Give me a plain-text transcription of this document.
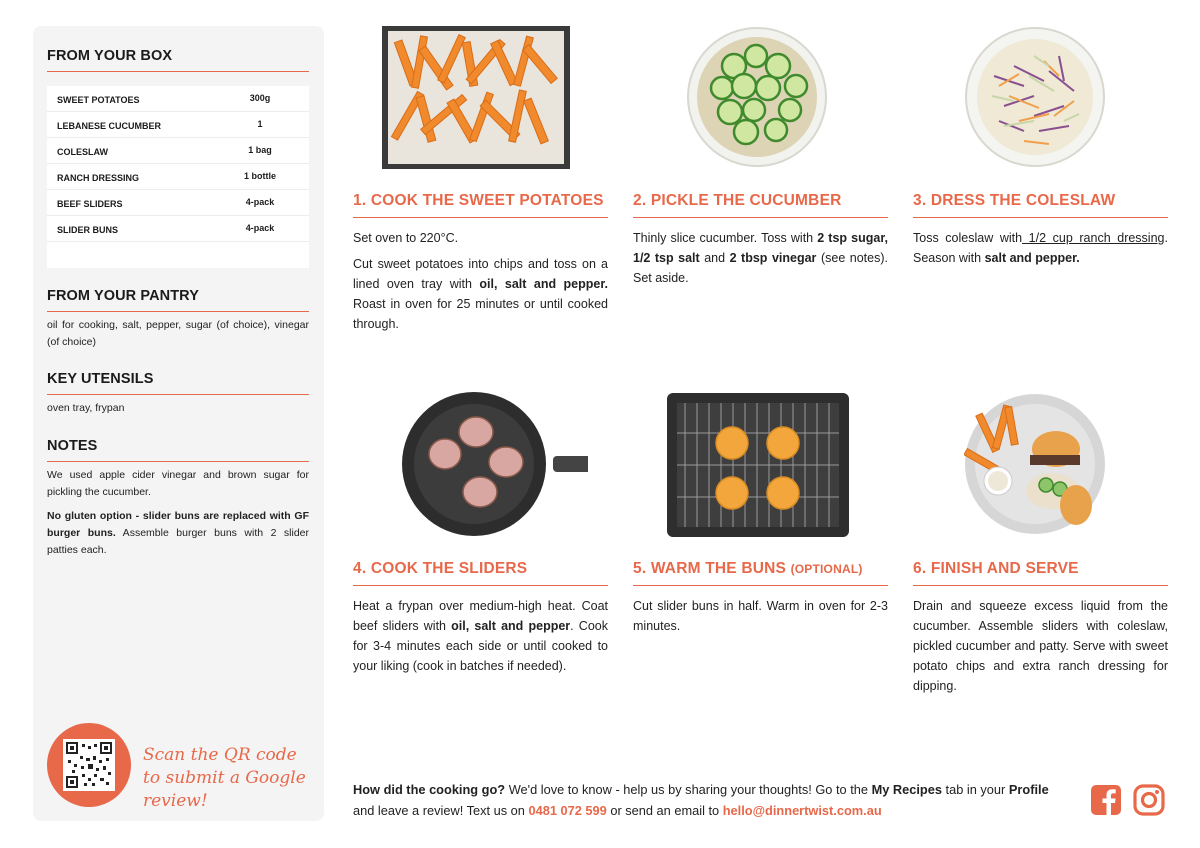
FROM YOUR BOX
SWEET POTATOES	300g
LEBANESE CUCUMBER	1
COLESLAW	1 bag
RANCH DRESSING	1 bottle
BEEF SLIDERS	4-pack
SLIDER BUNS	4-pack
FROM YOUR PANTRY
oil for cooking, salt, pepper, sugar (of choice), vinegar (of choice)
KEY UTENSILS
oven tray, frypan
NOTES
We used apple cider vinegar and brown sugar for pickling the cucumber.
No gluten option - slider buns are replaced with GF burger buns. Assemble burger buns with 2 slider patties each.
Scan the QR code to submit a Google review!
1. COOK THE SWEET POTATOES

Set oven to 220°C.

Cut sweet potatoes into chips and toss on a lined oven tray with oil, salt and pepper. Roast in oven for 25 minutes or until cooked through.

2. PICKLE THE CUCUMBER

Thinly slice cucumber. Toss with 2 tsp sugar, 1/2 tsp salt and 2 tbsp vinegar (see notes). Set aside.

3. DRESS THE COLESLAW

Toss coleslaw with 1/2 cup ranch dressing. Season with salt and pepper.

4. COOK THE SLIDERS

Heat a frypan over medium-high heat. Coat beef sliders with oil, salt and pepper. Cook for 3-4 minutes each side or until cooked to your liking (cook in batches if needed).

5. WARM THE BUNS (OPTIONAL)

Cut slider buns in half. Warm in oven for 2-3 minutes.

6. FINISH AND SERVE

Drain and squeeze excess liquid from the cucumber. Assemble sliders with coleslaw, pickled cucumber and patty. Serve with sweet potato chips and extra ranch dressing for dipping.

How did the cooking go? We'd love to know - help us by sharing your thoughts! Go to the My Recipes tab in your Profile and leave a review! Text us on 0481 072 599 or send an email to hello@dinnertwist.com.au
